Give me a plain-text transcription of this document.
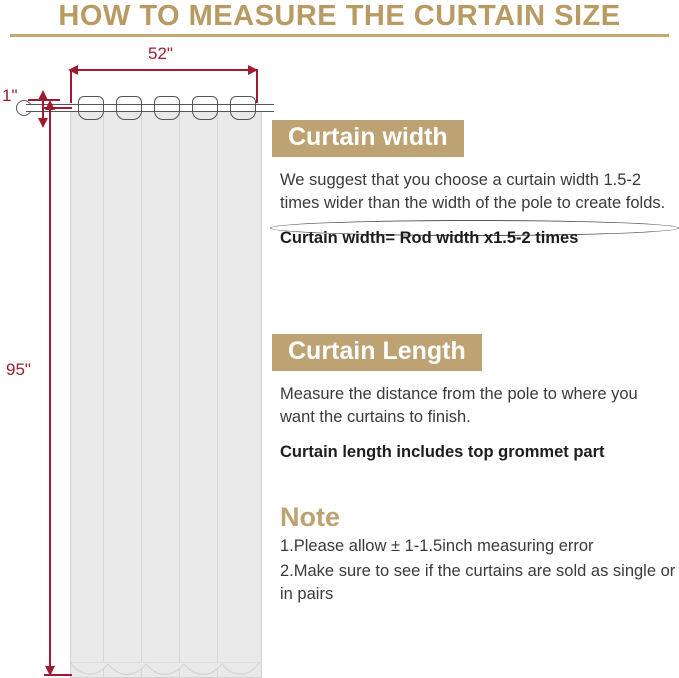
HOW TO MEASURE THE CURTAIN SIZE
52"
1"
95"
Curtain width
We suggest that you choose a curtain width 1.5-2 times wider than the width of the pole to create folds.
Curtain width= Rod width x1.5-2 times
Curtain Length
Measure the distance from the pole to where you want the curtains to finish.
Curtain length includes top grommet part
Note
1.Please allow ± 1-1.5inch measuring error
2.Make sure to see if the curtains are sold as single or in pairs
